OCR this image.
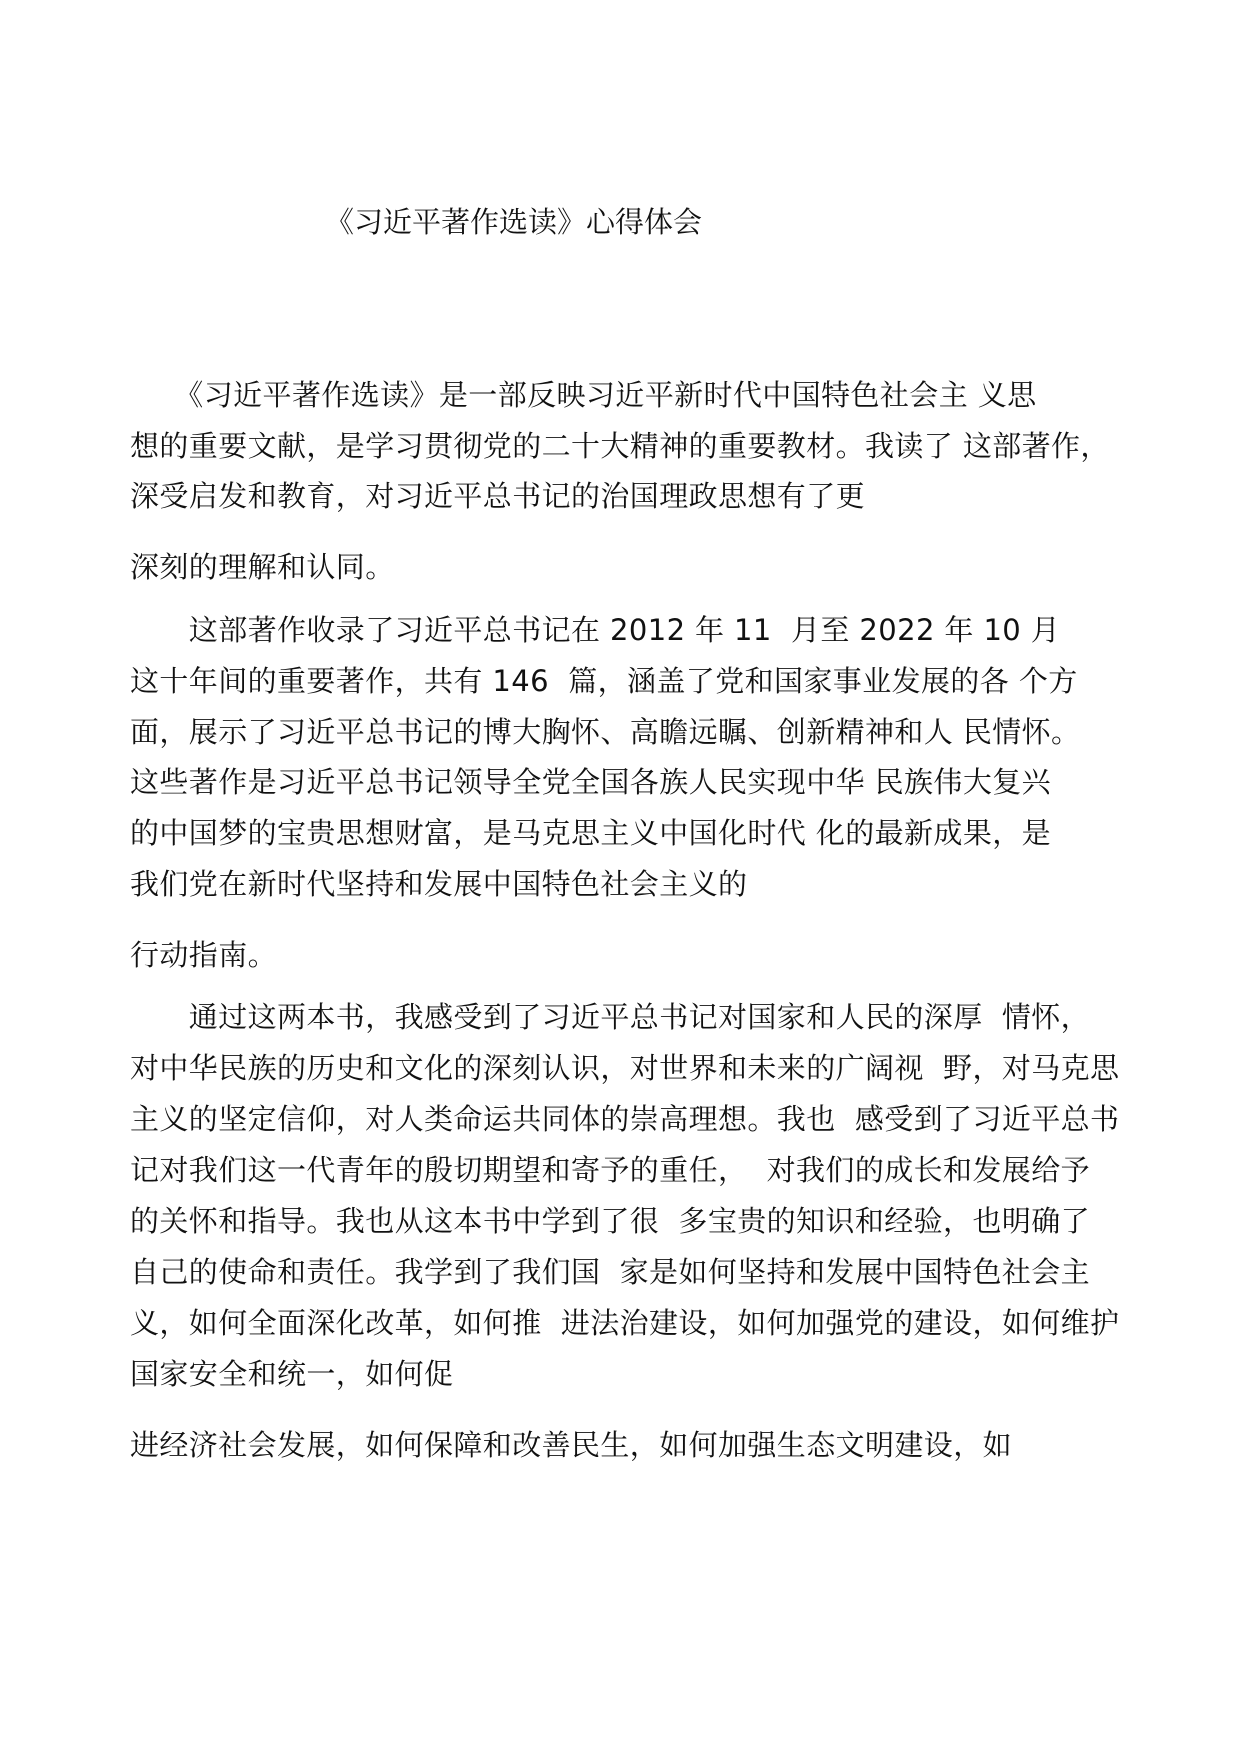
《习近平著作选读》心得体会
　　《习近平著作选读》是一部反映习近平新时代中国特色社会主 义思
想的重要文献，是学习贯彻党的二十大精神的重要教材。我读了 这部著作，
深受启发和教育，对习近平总书记的治国理政思想有了更
深刻的理解和认同。
　　这部著作收录了习近平总书记在 2012 年 11  月至 2022 年 10 月
这十年间的重要著作，共有 146  篇，涵盖了党和国家事业发展的各 个方
面，展示了习近平总书记的博大胸怀、高瞻远瞩、创新精神和人 民情怀。
这些著作是习近平总书记领导全党全国各族人民实现中华 民族伟大复兴
的中国梦的宝贵思想财富，是马克思主义中国化时代 化的最新成果，是
我们党在新时代坚持和发展中国特色社会主义的
行动指南。
　　通过这两本书，我感受到了习近平总书记对国家和人民的深厚  情怀，
对中华民族的历史和文化的深刻认识，对世界和未来的广阔视  野，对马克思
主义的坚定信仰，对人类命运共同体的崇高理想。我也  感受到了习近平总书
记对我们这一代青年的殷切期望和寄予的重任，  对我们的成长和发展给予
的关怀和指导。我也从这本书中学到了很  多宝贵的知识和经验，也明确了
自己的使命和责任。我学到了我们国  家是如何坚持和发展中国特色社会主
义，如何全面深化改革，如何推  进法治建设，如何加强党的建设，如何维护
国家安全和统一，如何促
进经济社会发展，如何保障和改善民生，如何加强生态文明建设，如
